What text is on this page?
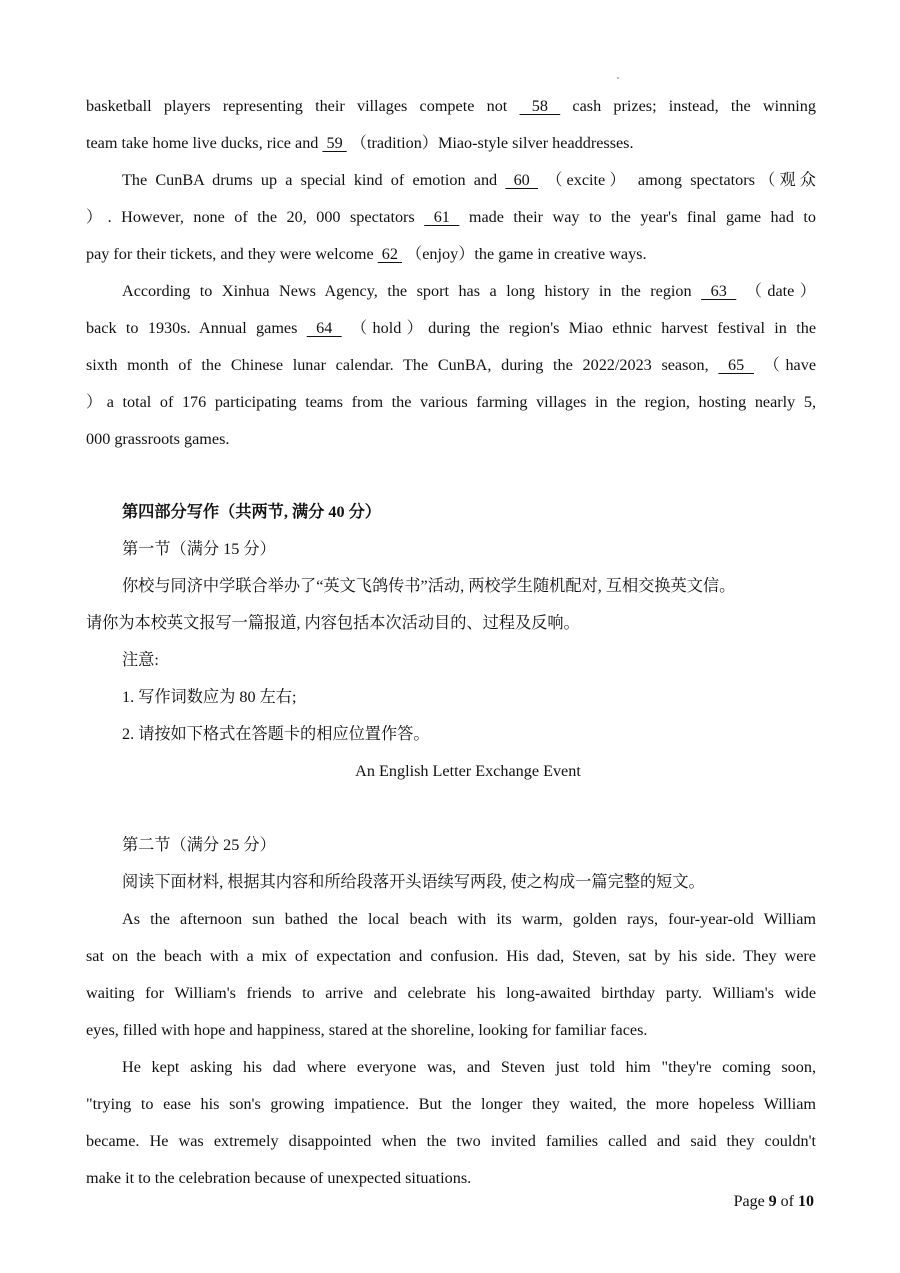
basketball players representing their villages compete not  58  cash prizes; instead, the winning
team take home live ducks, rice and  59  （tradition）Miao-style silver headdresses.
The CunBA drums up a special kind of emotion and  60  （excite） among spectators（观众
）. However, none of the 20, 000 spectators  61  made their way to the year's final game had to
pay for their tickets, and they were welcome  62  （enjoy）the game in creative ways.
According to Xinhua News Agency, the sport has a long history in the region  63  （date）
back to 1930s. Annual games  64  （hold）during the region's Miao ethnic harvest festival in the
sixth month of the Chinese lunar calendar. The CunBA, during the 2022/2023 season,  65  （have
）a total of 176 participating teams from the various farming villages in the region, hosting nearly 5,
000 grassroots games.
第四部分写作（共两节, 满分 40 分）
第一节（满分 15 分）
你校与同济中学联合举办了“英文飞鸽传书”活动, 两校学生随机配对, 互相交换英文信。
请你为本校英文报写一篇报道, 内容包括本次活动目的、过程及反响。
注意:
1. 写作词数应为 80 左右;
2. 请按如下格式在答题卡的相应位置作答。
An English Letter Exchange Event
第二节（满分 25 分）
阅读下面材料, 根据其内容和所给段落开头语续写两段, 使之构成一篇完整的短文。
As the afternoon sun bathed the local beach with its warm, golden rays, four-year-old William
sat on the beach with a mix of expectation and confusion. His dad, Steven, sat by his side. They were
waiting for William's friends to arrive and celebrate his long-awaited birthday party. William's wide
eyes, filled with hope and happiness, stared at the shoreline, looking for familiar faces.
He kept asking his dad where everyone was, and Steven just told him "they're coming soon,
"trying to ease his son's growing impatience. But the longer they waited, the more hopeless William
became. He was extremely disappointed when the two invited families called and said they couldn't
make it to the celebration because of unexpected situations.
Page 9 of 10
